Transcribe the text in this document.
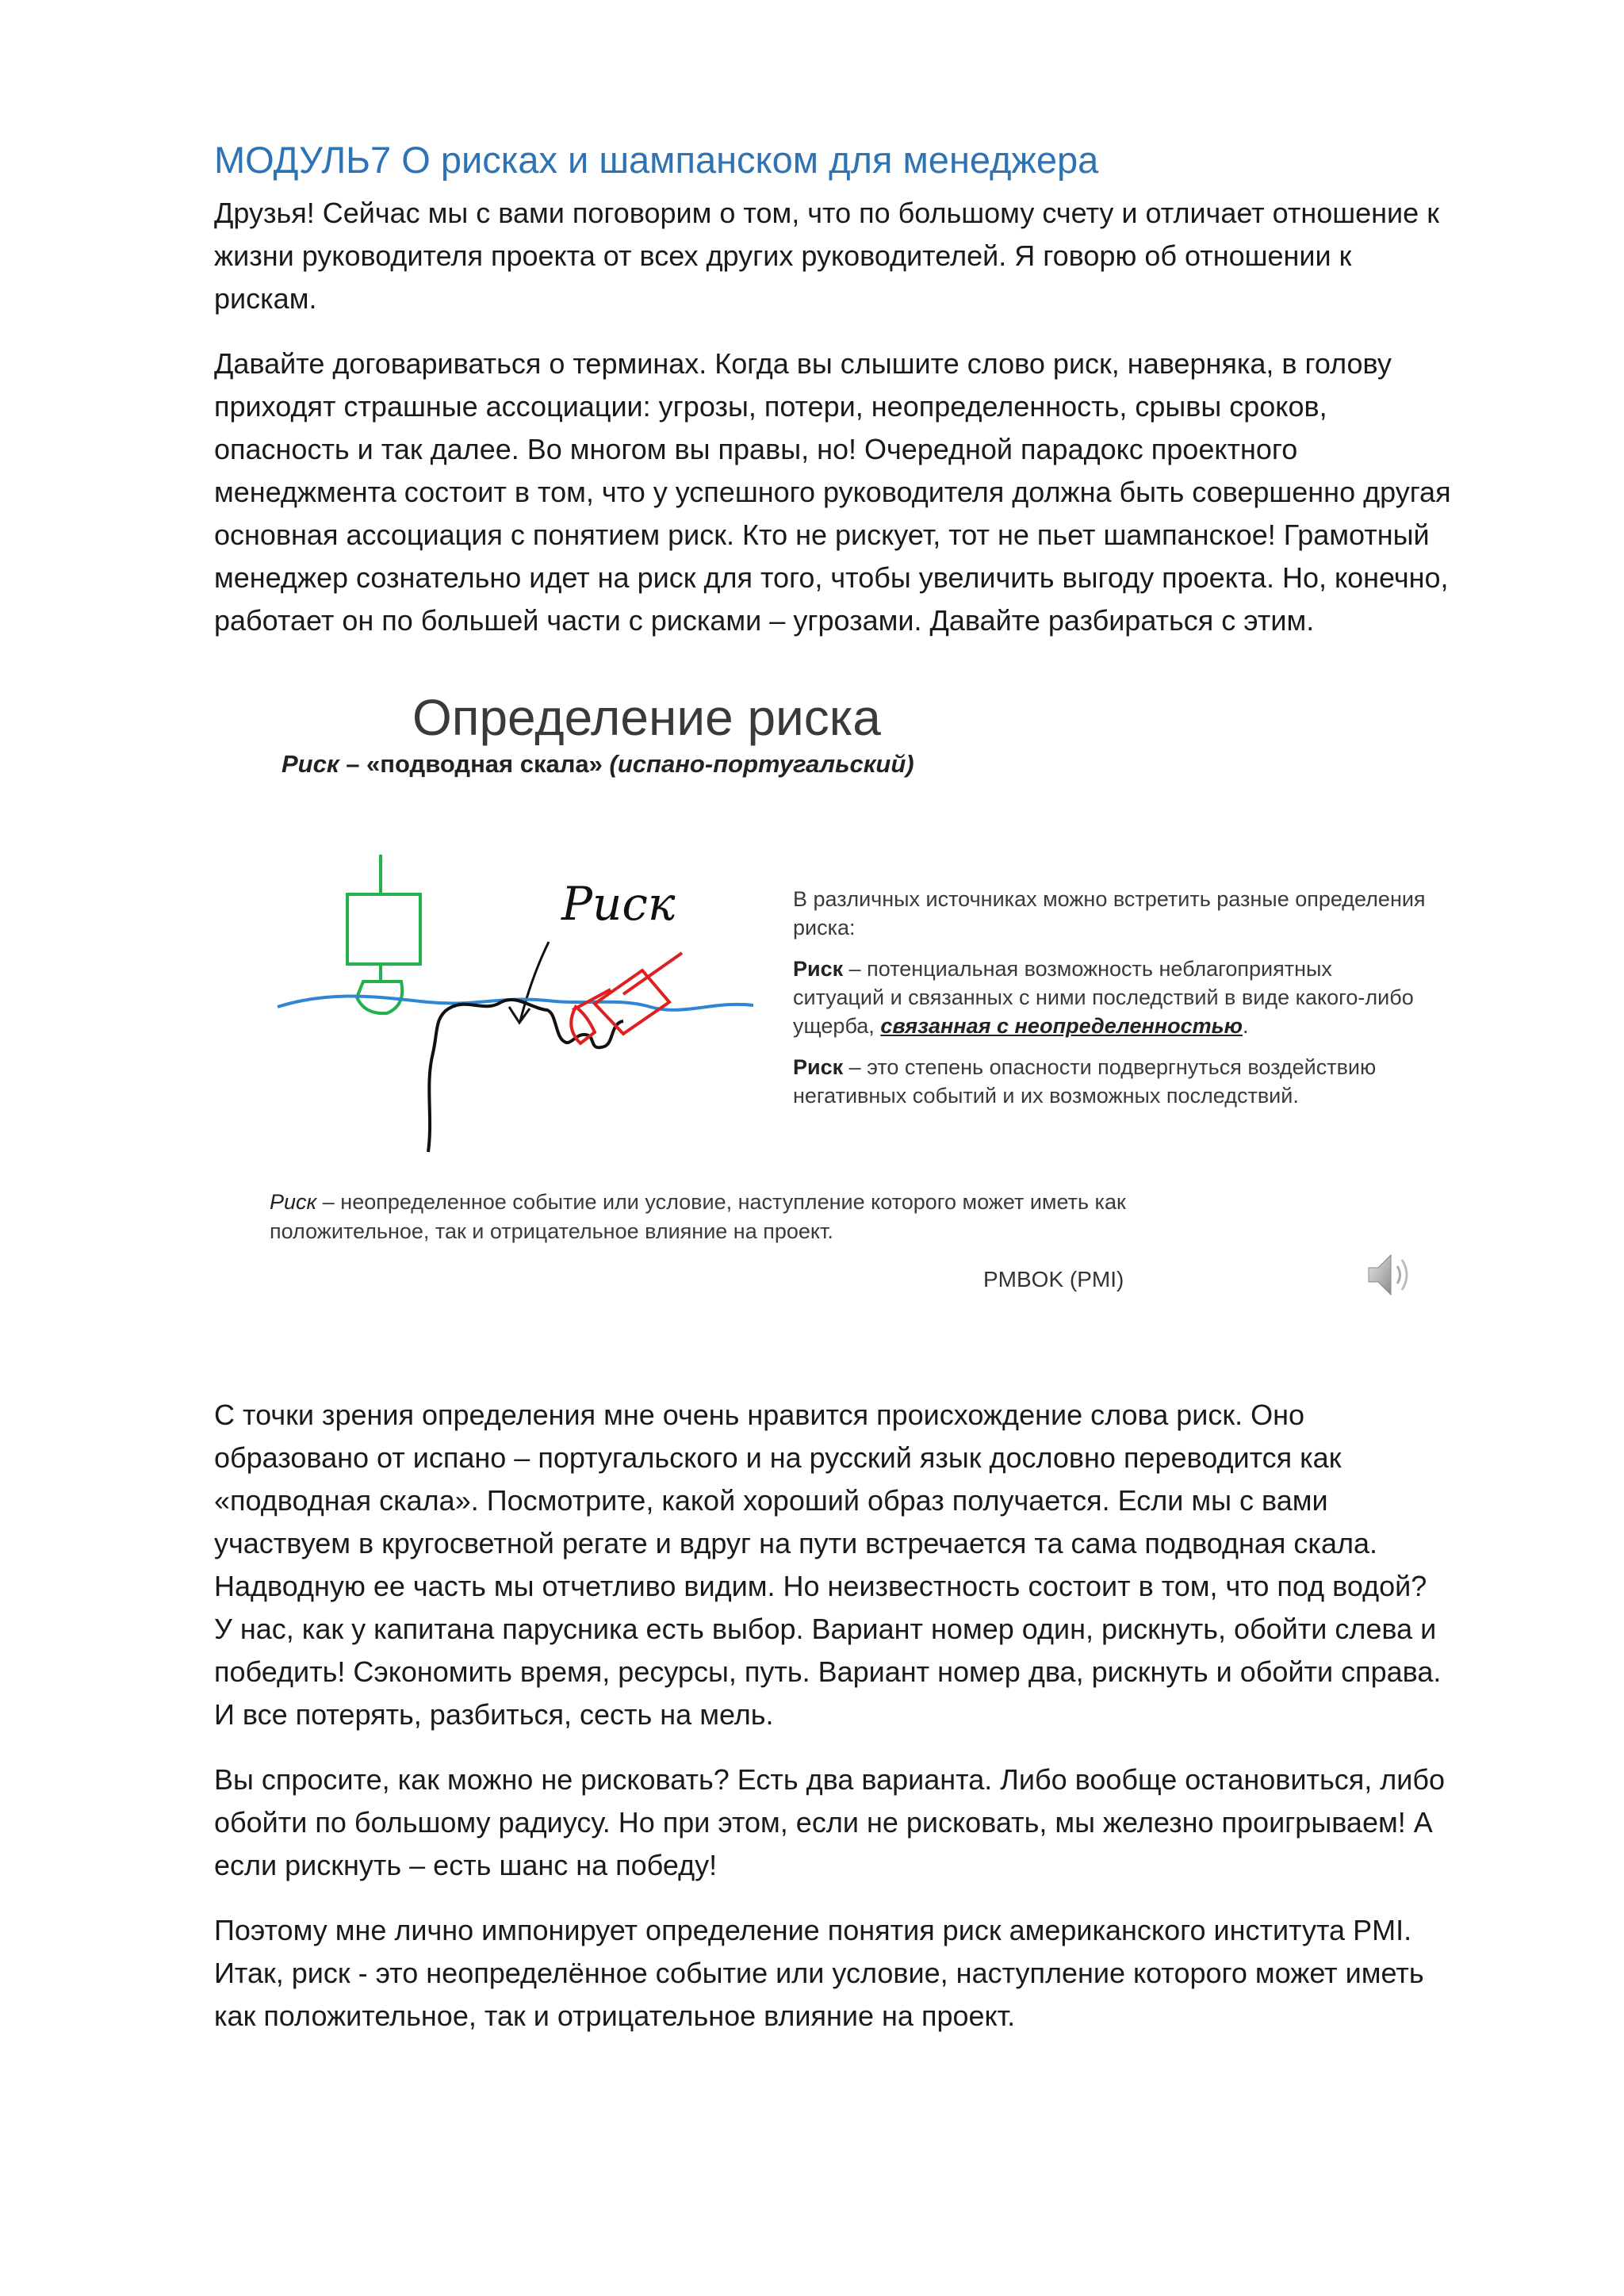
МОДУЛЬ7 О рисках и шампанском для менеджера

Друзья! Сейчас мы с вами поговорим о том, что по большому счету и отличает отношение к жизни руководителя проекта от всех других руководителей. Я говорю об отношении к рискам.

Давайте договариваться о терминах. Когда вы слышите слово риск, наверняка, в голову приходят страшные ассоциации: угрозы, потери, неопределенность, срывы сроков, опасность и так далее. Во многом вы правы, но! Очередной парадокс проектного менеджмента состоит в том, что у успешного руководителя должна быть совершенно другая основная ассоциация с понятием риск. Кто не рискует, тот не пьет шампанское! Грамотный менеджер сознательно идет на риск для того, чтобы увеличить выгоду проекта. Но, конечно, работает он по большей части с рисками – угрозами. Давайте разбираться с этим.

Определение риска
Риск – «подводная скала» (испано-португальский)
Риск	В различных источниках можно встретить разные определения риска:

Риск – потенциальная возможность неблагоприятных ситуаций и связанных с ними последствий в виде какого-либо ущерба, связанная с неопределенностью.

Риск – это степень опасности подвергнуться воздействию негативных событий и их возможных последствий.

Риск – неопределенное событие или условие, наступление которого может иметь как положительное, так и отрицательное влияние на проект.
PMBOK (PMI)

С точки зрения определения мне очень нравится происхождение слова риск. Оно образовано от испано – португальского и на русский язык дословно переводится как «подводная скала». Посмотрите, какой хороший образ получается. Если мы с вами участвуем в кругосветной регате и вдруг на пути встречается та сама подводная скала. Надводную ее часть мы отчетливо видим. Но неизвестность состоит в том, что под водой? У нас, как у капитана парусника есть выбор. Вариант номер один, рискнуть, обойти слева и победить! Сэкономить время, ресурсы, путь. Вариант номер два, рискнуть и обойти справа. И все потерять, разбиться, сесть на мель.

Вы спросите, как можно не рисковать? Есть два варианта. Либо вообще остановиться, либо обойти по большому радиусу. Но при этом, если не рисковать, мы железно проигрываем! А если рискнуть – есть шанс на победу!

Поэтому мне лично импонирует определение понятия риск американского института PMI. Итак, риск - это неопределённое событие или условие, наступление которого может иметь как положительное, так и отрицательное влияние на проект.
